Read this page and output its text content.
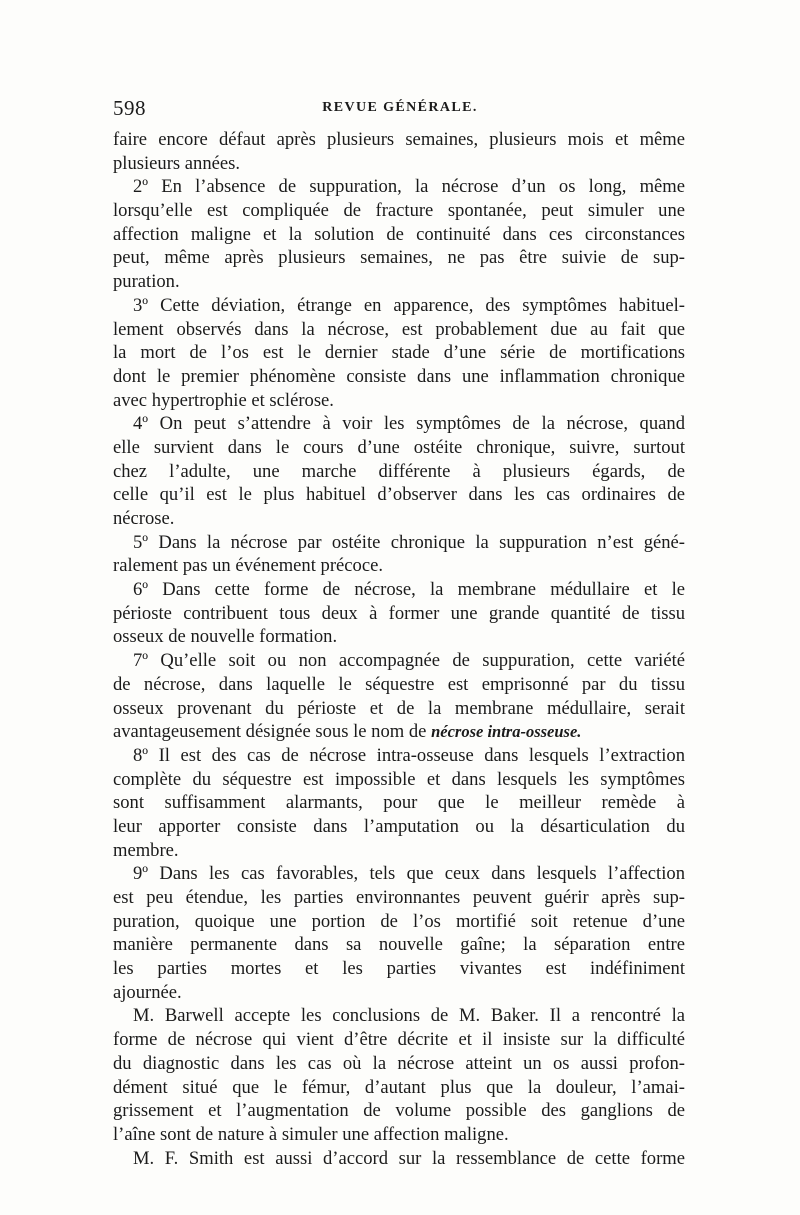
598	REVUE GÉNÉRALE.
faire encore défaut après plusieurs semaines, plusieurs mois et même
plusieurs années.
2º En l’absence de suppuration, la nécrose d’un os long, même
lorsqu’elle est compliquée de fracture spontanée, peut simuler une
affection maligne et la solution de continuité dans ces circonstances
peut, même après plusieurs semaines, ne pas être suivie de sup-
puration.
3º Cette déviation, étrange en apparence, des symptômes habituel-
lement observés dans la nécrose, est probablement due au fait que
la mort de l’os est le dernier stade d’une série de mortifications
dont le premier phénomène consiste dans une inflammation chronique
avec hypertrophie et sclérose.
4º On peut s’attendre à voir les symptômes de la nécrose, quand
elle survient dans le cours d’une ostéite chronique, suivre, surtout
chez l’adulte, une marche différente à plusieurs égards, de
celle qu’il est le plus habituel d’observer dans les cas ordinaires de
nécrose.
5º Dans la nécrose par ostéite chronique la suppuration n’est géné-
ralement pas un événement précoce.
6º Dans cette forme de nécrose, la membrane médullaire et le
périoste contribuent tous deux à former une grande quantité de tissu
osseux de nouvelle formation.
7º Qu’elle soit ou non accompagnée de suppuration, cette variété
de nécrose, dans laquelle le séquestre est emprisonné par du tissu
osseux provenant du périoste et de la membrane médullaire, serait
avantageusement désignée sous le nom de nécrose intra-osseuse.
8º Il est des cas de nécrose intra-osseuse dans lesquels l’extraction
complète du séquestre est impossible et dans lesquels les symptômes
sont suffisamment alarmants, pour que le meilleur remède à
leur apporter consiste dans l’amputation ou la désarticulation du
membre.
9º Dans les cas favorables, tels que ceux dans lesquels l’affection
est peu étendue, les parties environnantes peuvent guérir après sup-
puration, quoique une portion de l’os mortifié soit retenue d’une
manière permanente dans sa nouvelle gaîne; la séparation entre
les parties mortes et les parties vivantes est indéfiniment
ajournée.
M. Barwell accepte les conclusions de M. Baker. Il a rencontré la
forme de nécrose qui vient d’être décrite et il insiste sur la difficulté
du diagnostic dans les cas où la nécrose atteint un os aussi profon-
dément situé que le fémur, d’autant plus que la douleur, l’amai-
grissement et l’augmentation de volume possible des ganglions de
l’aîne sont de nature à simuler une affection maligne.
M. F. Smith est aussi d’accord sur la ressemblance de cette forme
